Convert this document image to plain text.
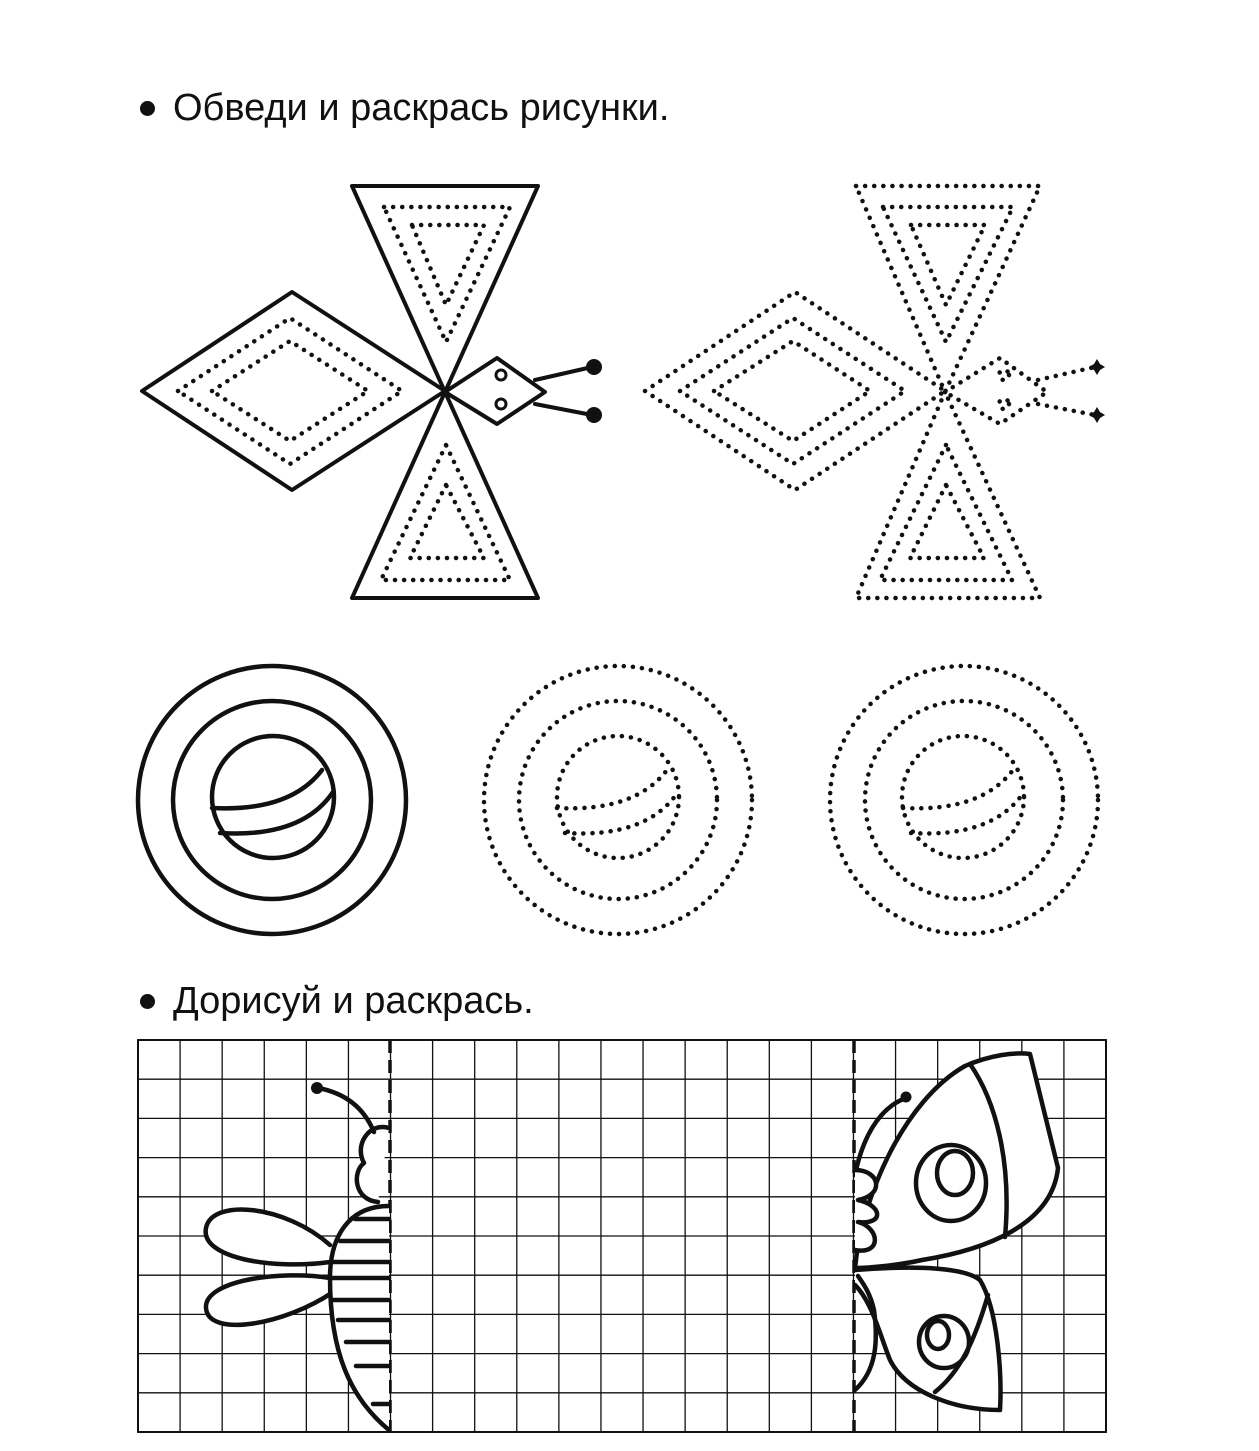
Обведи и раскрась рисунки.
Дорисуй и раскрась.
